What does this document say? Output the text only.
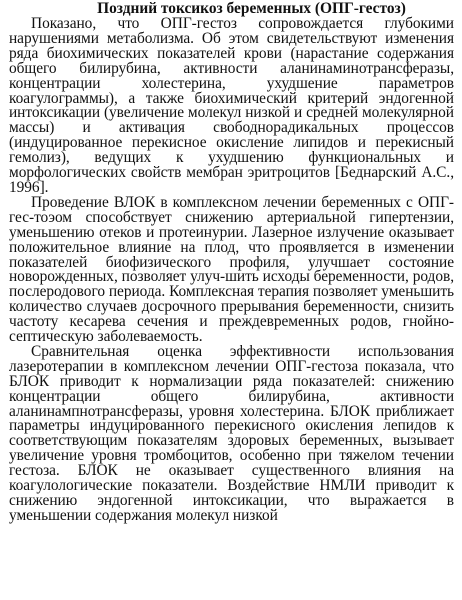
Поздний токсикоз беременных (ОПГ-гестоз)

Показано, что ОПГ-гестоз сопровождается глубокими нарушениями метаболизма. Об этом свидетельствуют изменения ряда биохимических показателей крови (нарастание содержания общего билирубина, активности аланинаминотрансферазы, концентрации холестерина, ухудшение параметров коагулограммы), а также биохимический критерий эндогенной интоксикации (увеличение молекул низкой и средней молекулярной массы) и активация свободнорадикальных процессов (индуцированное перекисное окисление липидов и перекисный гемолиз), ведущих к ухудшению функциональных и морфологических свойств мембран эритроцитов [Беднарский А.С., 1996].

Проведение ВЛОК в комплексном лечении беременных с ОПГ-гес-тоэом способствует снижению артериальной гипертензии, уменьшению отеков и протеинурии. Лазерное излучение оказывает положительное влияние на плод, что проявляется в изменении показателей биофизического профиля, улучшает состояние новорожденных, позволяет улуч-шить исходы беременности, родов, послеродового периода. Комплексная терапия позволяет уменьшить количество случаев досрочного прерывания беременности, снизить частоту кесарева сечения и преждевременных родов, гнойно-септическую заболеваемость.

Сравнительная оценка эффективности использования лазеротерапии в комплексном лечении ОПГ-гестоза показала, что БЛОК приводит к нормализации ряда показателей: снижению концентрации общего билирубина, активности аланинампнотрансферазы, уровня холестерина. БЛОК приближает параметры индуцированного перекисного окисления лепидов к соответствующим показателям здоровых беременных, вызывает увеличение уровня тромбоцитов, особенно при тяжелом течении гестоза. БЛОК не оказывает существенного влияния на коагулологические показатели. Воздействие НМЛИ приводит к снижению эндогенной интоксикации, что выражается в уменьшении содержания молекул низкой
